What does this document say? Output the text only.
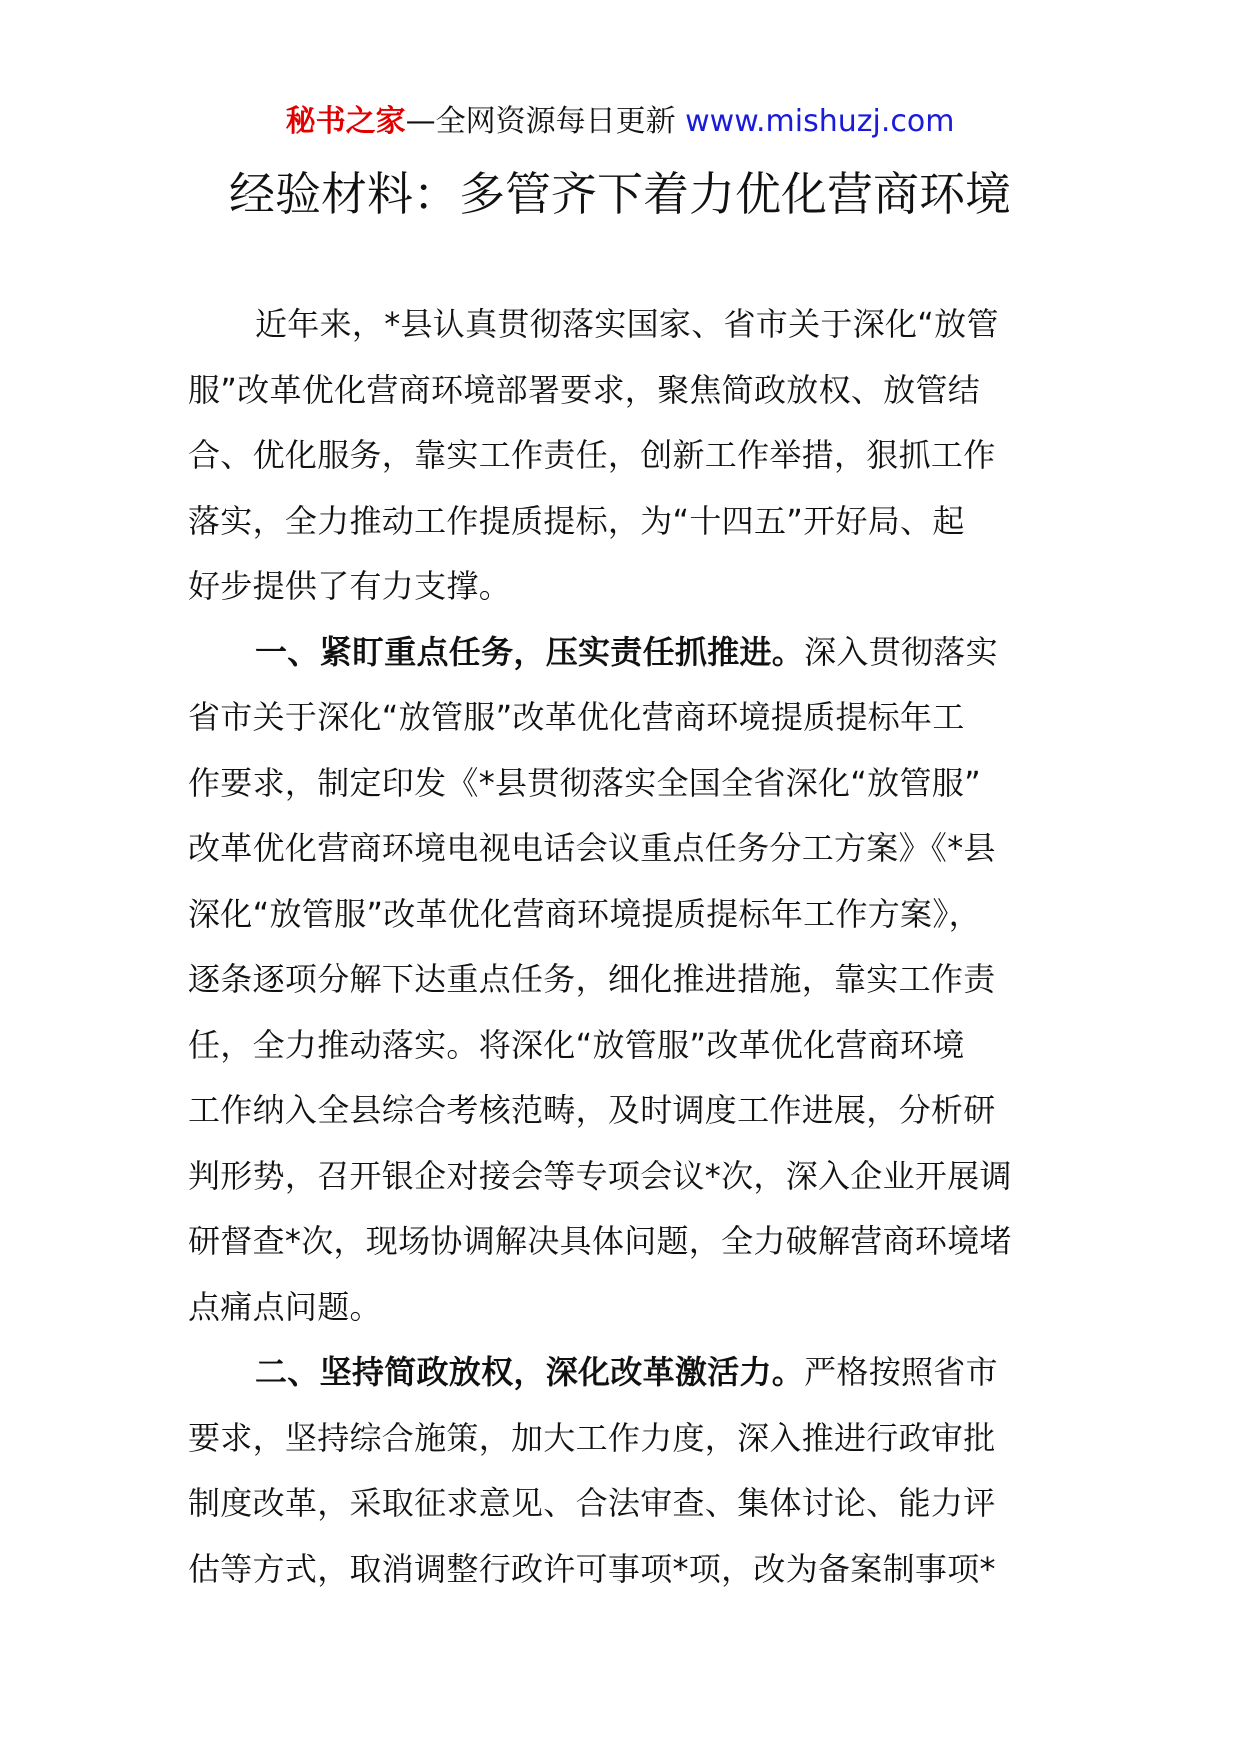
秘书之家—全网资源每日更新 www.mishuzj.com
经验材料：多管齐下着力优化营商环境
近年来，*县认真贯彻落实国家、省市关于深化“放管
服”改革优化营商环境部署要求，聚焦简政放权、放管结
合、优化服务，靠实工作责任，创新工作举措，狠抓工作
落实，全力推动工作提质提标，为“十四五”开好局、起
好步提供了有力支撑。
一、紧盯重点任务，压实责任抓推进。深入贯彻落实
省市关于深化“放管服”改革优化营商环境提质提标年工
作要求，制定印发《*县贯彻落实全国全省深化“放管服”
改革优化营商环境电视电话会议重点任务分工方案》《*县
深化“放管服”改革优化营商环境提质提标年工作方案》，
逐条逐项分解下达重点任务，细化推进措施，靠实工作责
任，全力推动落实。将深化“放管服”改革优化营商环境
工作纳入全县综合考核范畴，及时调度工作进展，分析研
判形势，召开银企对接会等专项会议*次，深入企业开展调
研督查*次，现场协调解决具体问题，全力破解营商环境堵
点痛点问题。
二、坚持简政放权，深化改革激活力。严格按照省市
要求，坚持综合施策，加大工作力度，深入推进行政审批
制度改革，采取征求意见、合法审查、集体讨论、能力评
估等方式，取消调整行政许可事项*项，改为备案制事项*
